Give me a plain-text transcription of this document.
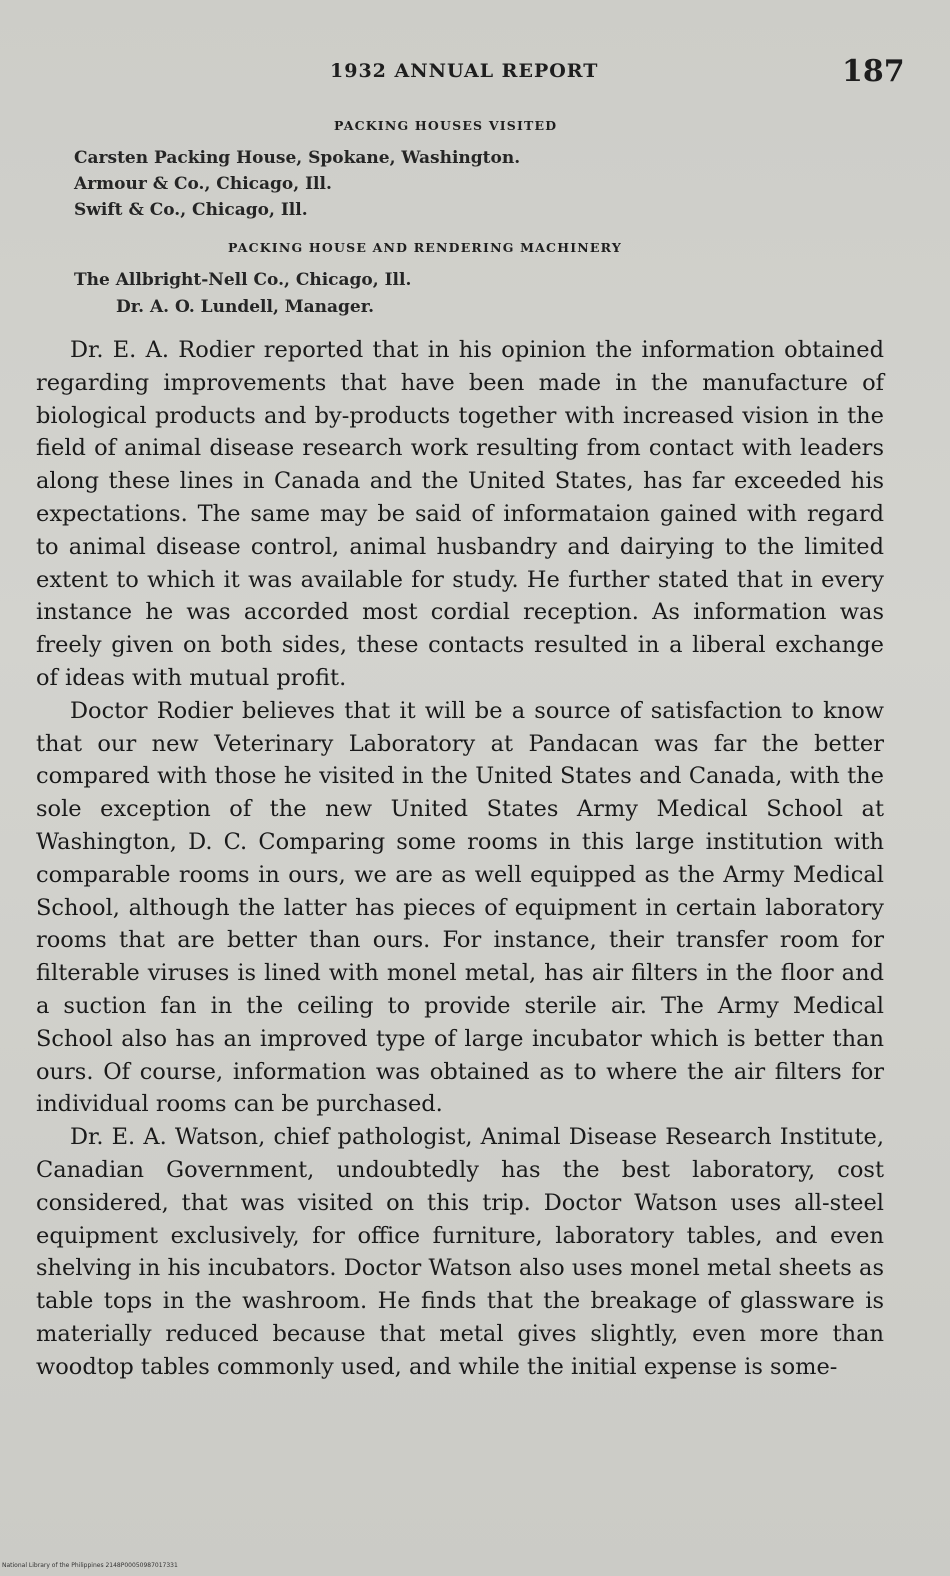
1932 ANNUAL REPORT	187
PACKING HOUSES VISITED
Carsten Packing House, Spokane, Washington.
Armour & Co., Chicago, Ill.
Swift & Co., Chicago, Ill.
PACKING HOUSE AND RENDERING MACHINERY
The Allbright-Nell Co., Chicago, Ill.
Dr. A. O. Lundell, Manager.

Dr. E. A. Rodier reported that in his opinion the information obtained regarding improvements that have been made in the manufacture of biological products and by-products together with increased vision in the field of animal disease research work resulting from contact with leaders along these lines in Canada and the United States, has far exceeded his expectations. The same may be said of informataion gained with regard to animal disease control, animal husbandry and dairying to the limited extent to which it was available for study. He further stated that in every instance he was accorded most cordial reception. As information was freely given on both sides, these contacts resulted in a liberal exchange of ideas with mutual profit.

Doctor Rodier believes that it will be a source of satisfaction to know that our new Veterinary Laboratory at Pandacan was far the better compared with those he visited in the United States and Canada, with the sole exception of the new United States Army Medical School at Washington, D. C. Comparing some rooms in this large institution with comparable rooms in ours, we are as well equipped as the Army Medical School, although the latter has pieces of equipment in certain laboratory rooms that are better than ours. For instance, their transfer room for filterable viruses is lined with monel metal, has air filters in the floor and a suction fan in the ceiling to provide sterile air. The Army Medical School also has an improved type of large incubator which is better than ours. Of course, information was obtained as to where the air filters for individual rooms can be purchased.

Dr. E. A. Watson, chief pathologist, Animal Disease Research Institute, Canadian Government, undoubtedly has the best laboratory, cost considered, that was visited on this trip. Doctor Watson uses all-steel equipment exclusively, for office furniture, laboratory tables, and even shelving in his incubators. Doctor Watson also uses monel metal sheets as table tops in the washroom. He finds that the breakage of glassware is materially reduced because that metal gives slightly, even more than woodtop tables commonly used, and while the initial expense is some-

National Library of the Philippines 2148P00050987017331
